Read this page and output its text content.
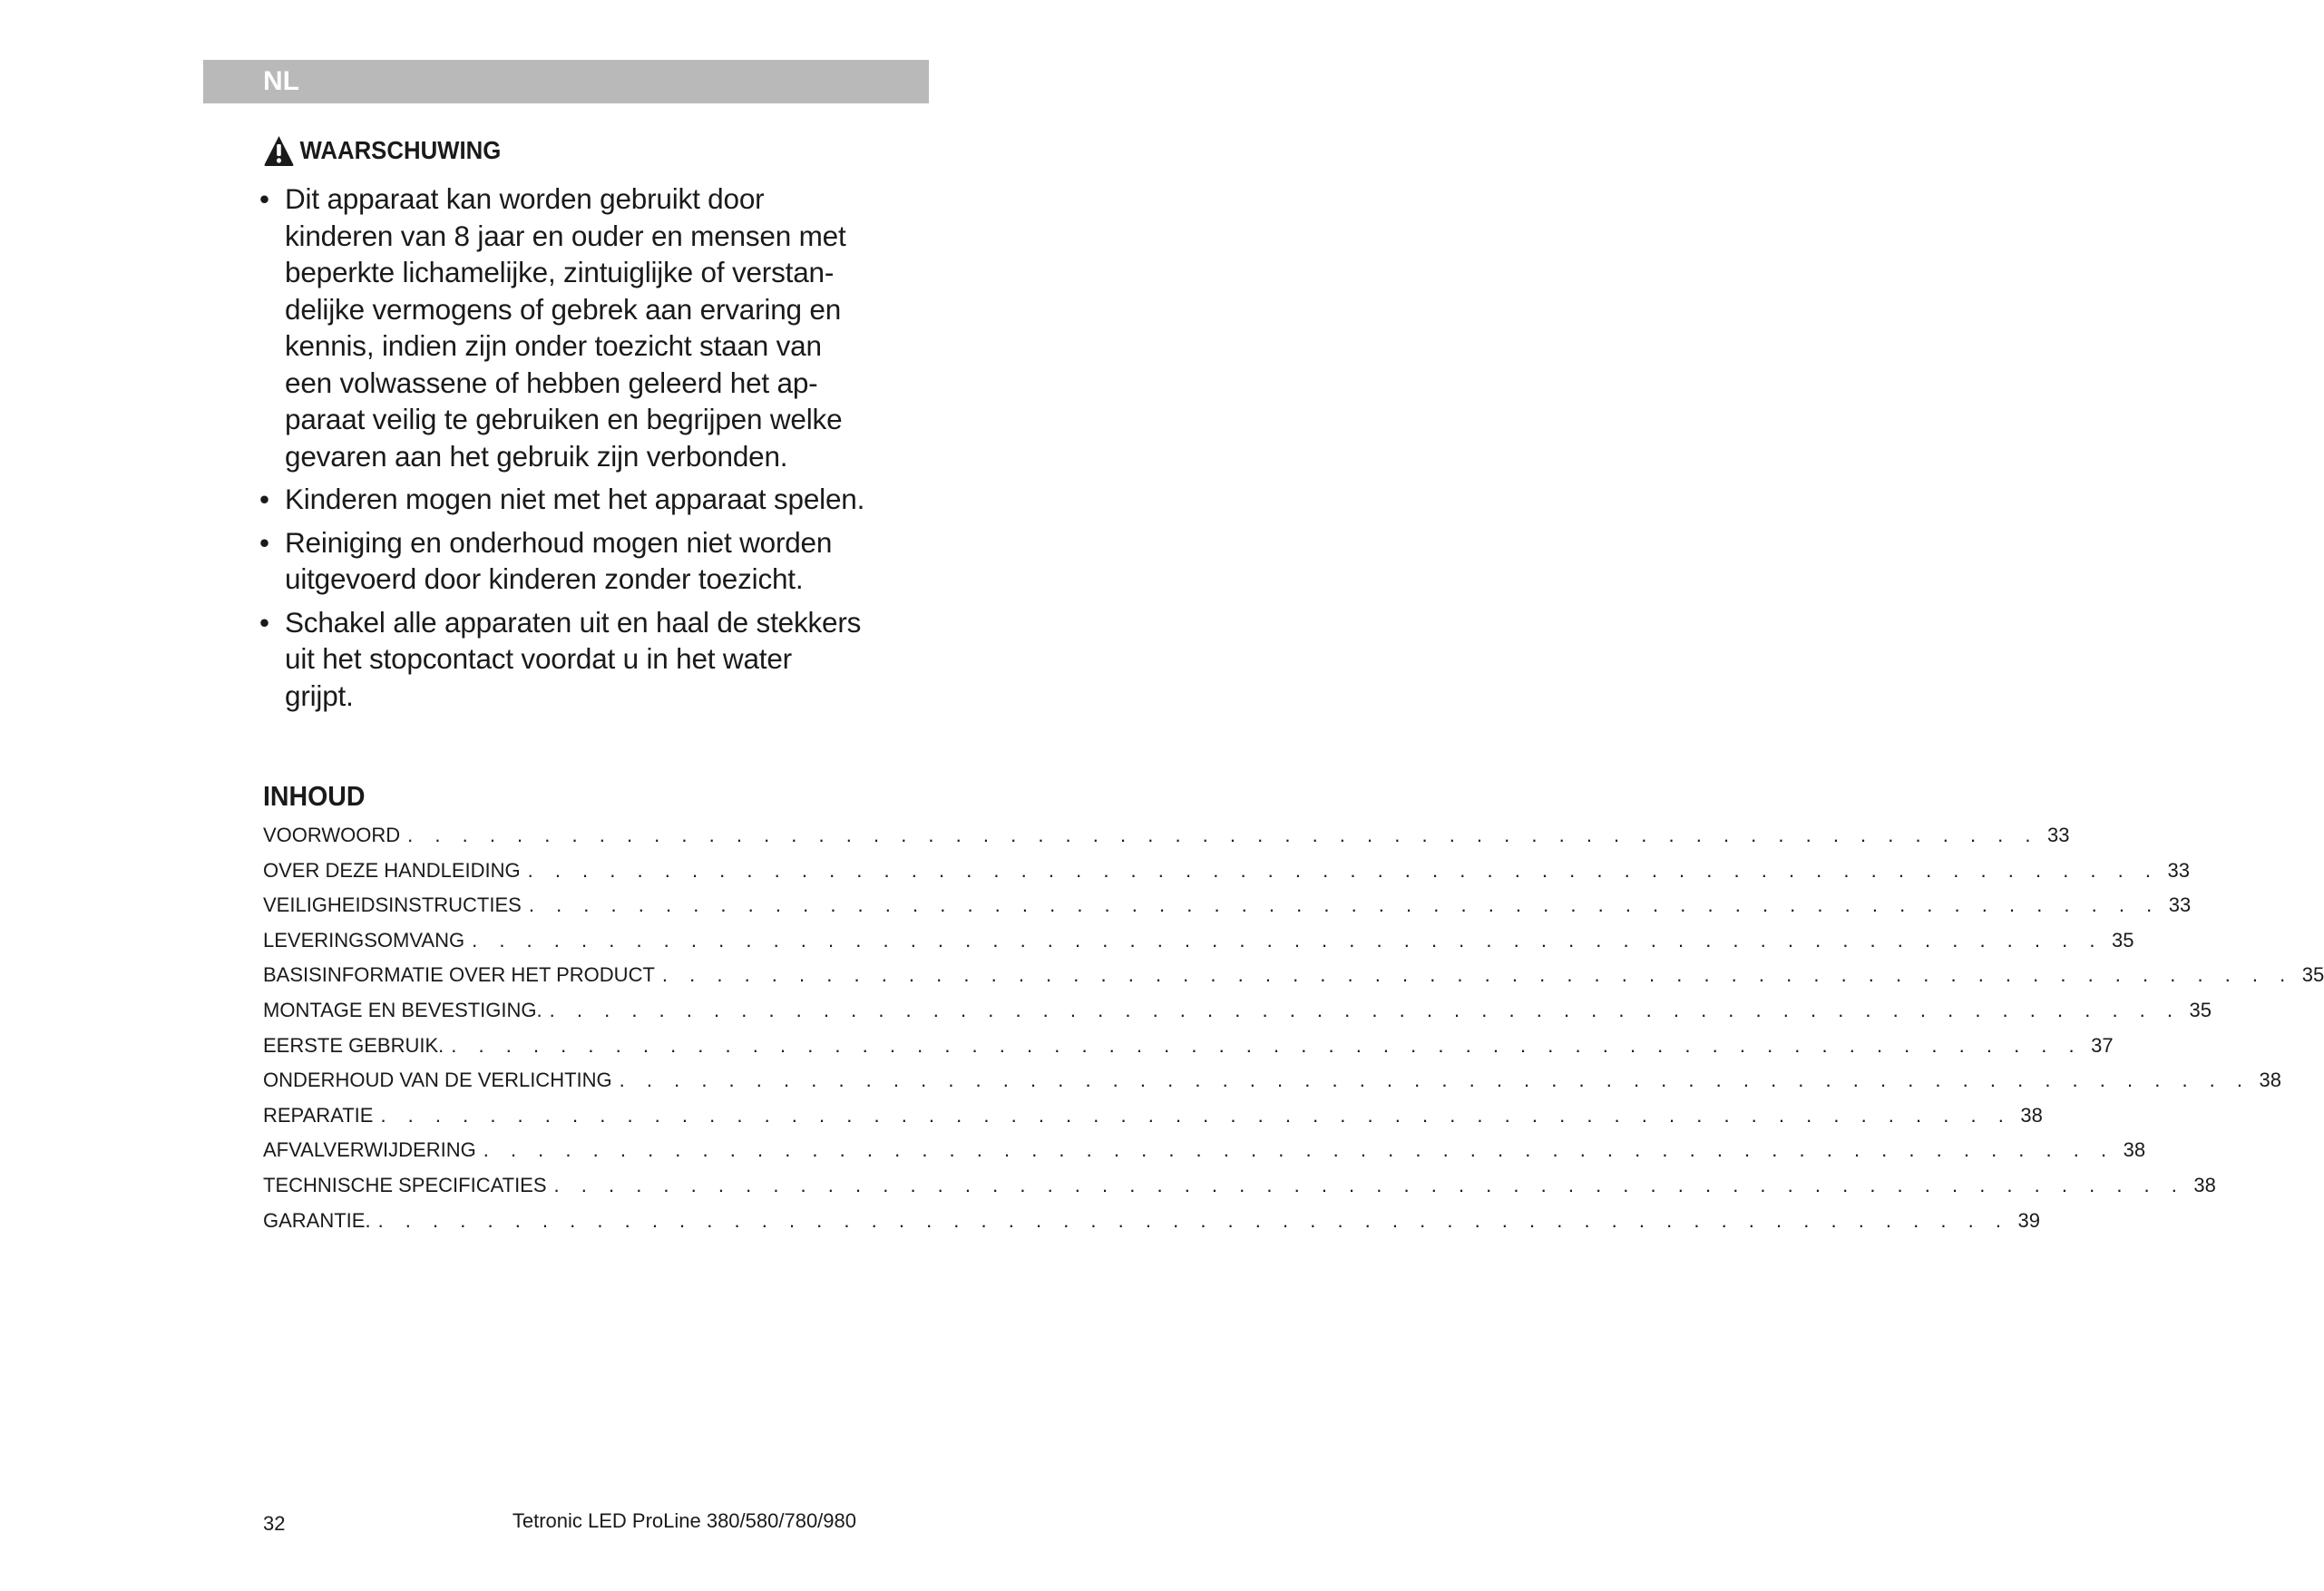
NL
WAARSCHUWING
• Dit apparaat kan worden gebruikt door
kinderen van 8 jaar en ouder en mensen met
beperkte lichamelijke, zintuiglijke of verstan-
delijke vermogens of gebrek aan ervaring en
kennis, indien zijn onder toezicht staan van
een volwassene of hebben geleerd het ap-
paraat veilig te gebruiken en begrijpen welke
gevaren aan het gebruik zijn verbonden.
• Kinderen mogen niet met het apparaat spelen.
• Reiniging en onderhoud mogen niet worden
uitgevoerd door kinderen zonder toezicht.
• Schakel alle apparaten uit en haal de stekkers
uit het stopcontact voordat u in het water
grijpt.
INHOUD
VOORWOORD . . . . . . . . . . . . . . . . . . . . . . . . . . . . . . . . . . . . . . . . . . . . . . . . . . . . . . . . . . . . 33
OVER DEZE HANDLEIDING . . . . . . . . . . . . . . . . . . . . . . . . . . . . . . . . . . . . . . . . . . . . . . . . . . . . . . . . . . . . 33
VEILIGHEIDSINSTRUCTIES . . . . . . . . . . . . . . . . . . . . . . . . . . . . . . . . . . . . . . . . . . . . . . . . . . . . . . . . . . . . 33
LEVERINGSOMVANG . . . . . . . . . . . . . . . . . . . . . . . . . . . . . . . . . . . . . . . . . . . . . . . . . . . . . . . . . . . . 35
BASISINFORMATIE OVER HET PRODUCT . . . . . . . . . . . . . . . . . . . . . . . . . . . . . . . . . . . . . . . . . . . . . . . . . . . . . . . . . . . . 35
MONTAGE EN BEVESTIGING. . . . . . . . . . . . . . . . . . . . . . . . . . . . . . . . . . . . . . . . . . . . . . . . . . . . . . . . . . . . . 35
EERSTE GEBRUIK. . . . . . . . . . . . . . . . . . . . . . . . . . . . . . . . . . . . . . . . . . . . . . . . . . . . . . . . . . . . . 37
ONDERHOUD VAN DE VERLICHTING . . . . . . . . . . . . . . . . . . . . . . . . . . . . . . . . . . . . . . . . . . . . . . . . . . . . . . . . . . . . 38
REPARATIE . . . . . . . . . . . . . . . . . . . . . . . . . . . . . . . . . . . . . . . . . . . . . . . . . . . . . . . . . . . . 38
AFVALVERWIJDERING . . . . . . . . . . . . . . . . . . . . . . . . . . . . . . . . . . . . . . . . . . . . . . . . . . . . . . . . . . . . 38
TECHNISCHE SPECIFICATIES . . . . . . . . . . . . . . . . . . . . . . . . . . . . . . . . . . . . . . . . . . . . . . . . . . . . . . . . . . . . 38
GARANTIE. . . . . . . . . . . . . . . . . . . . . . . . . . . . . . . . . . . . . . . . . . . . . . . . . . . . . . . . . . . . . 39
32	Tetronic LED ProLine 380/580/780/980
